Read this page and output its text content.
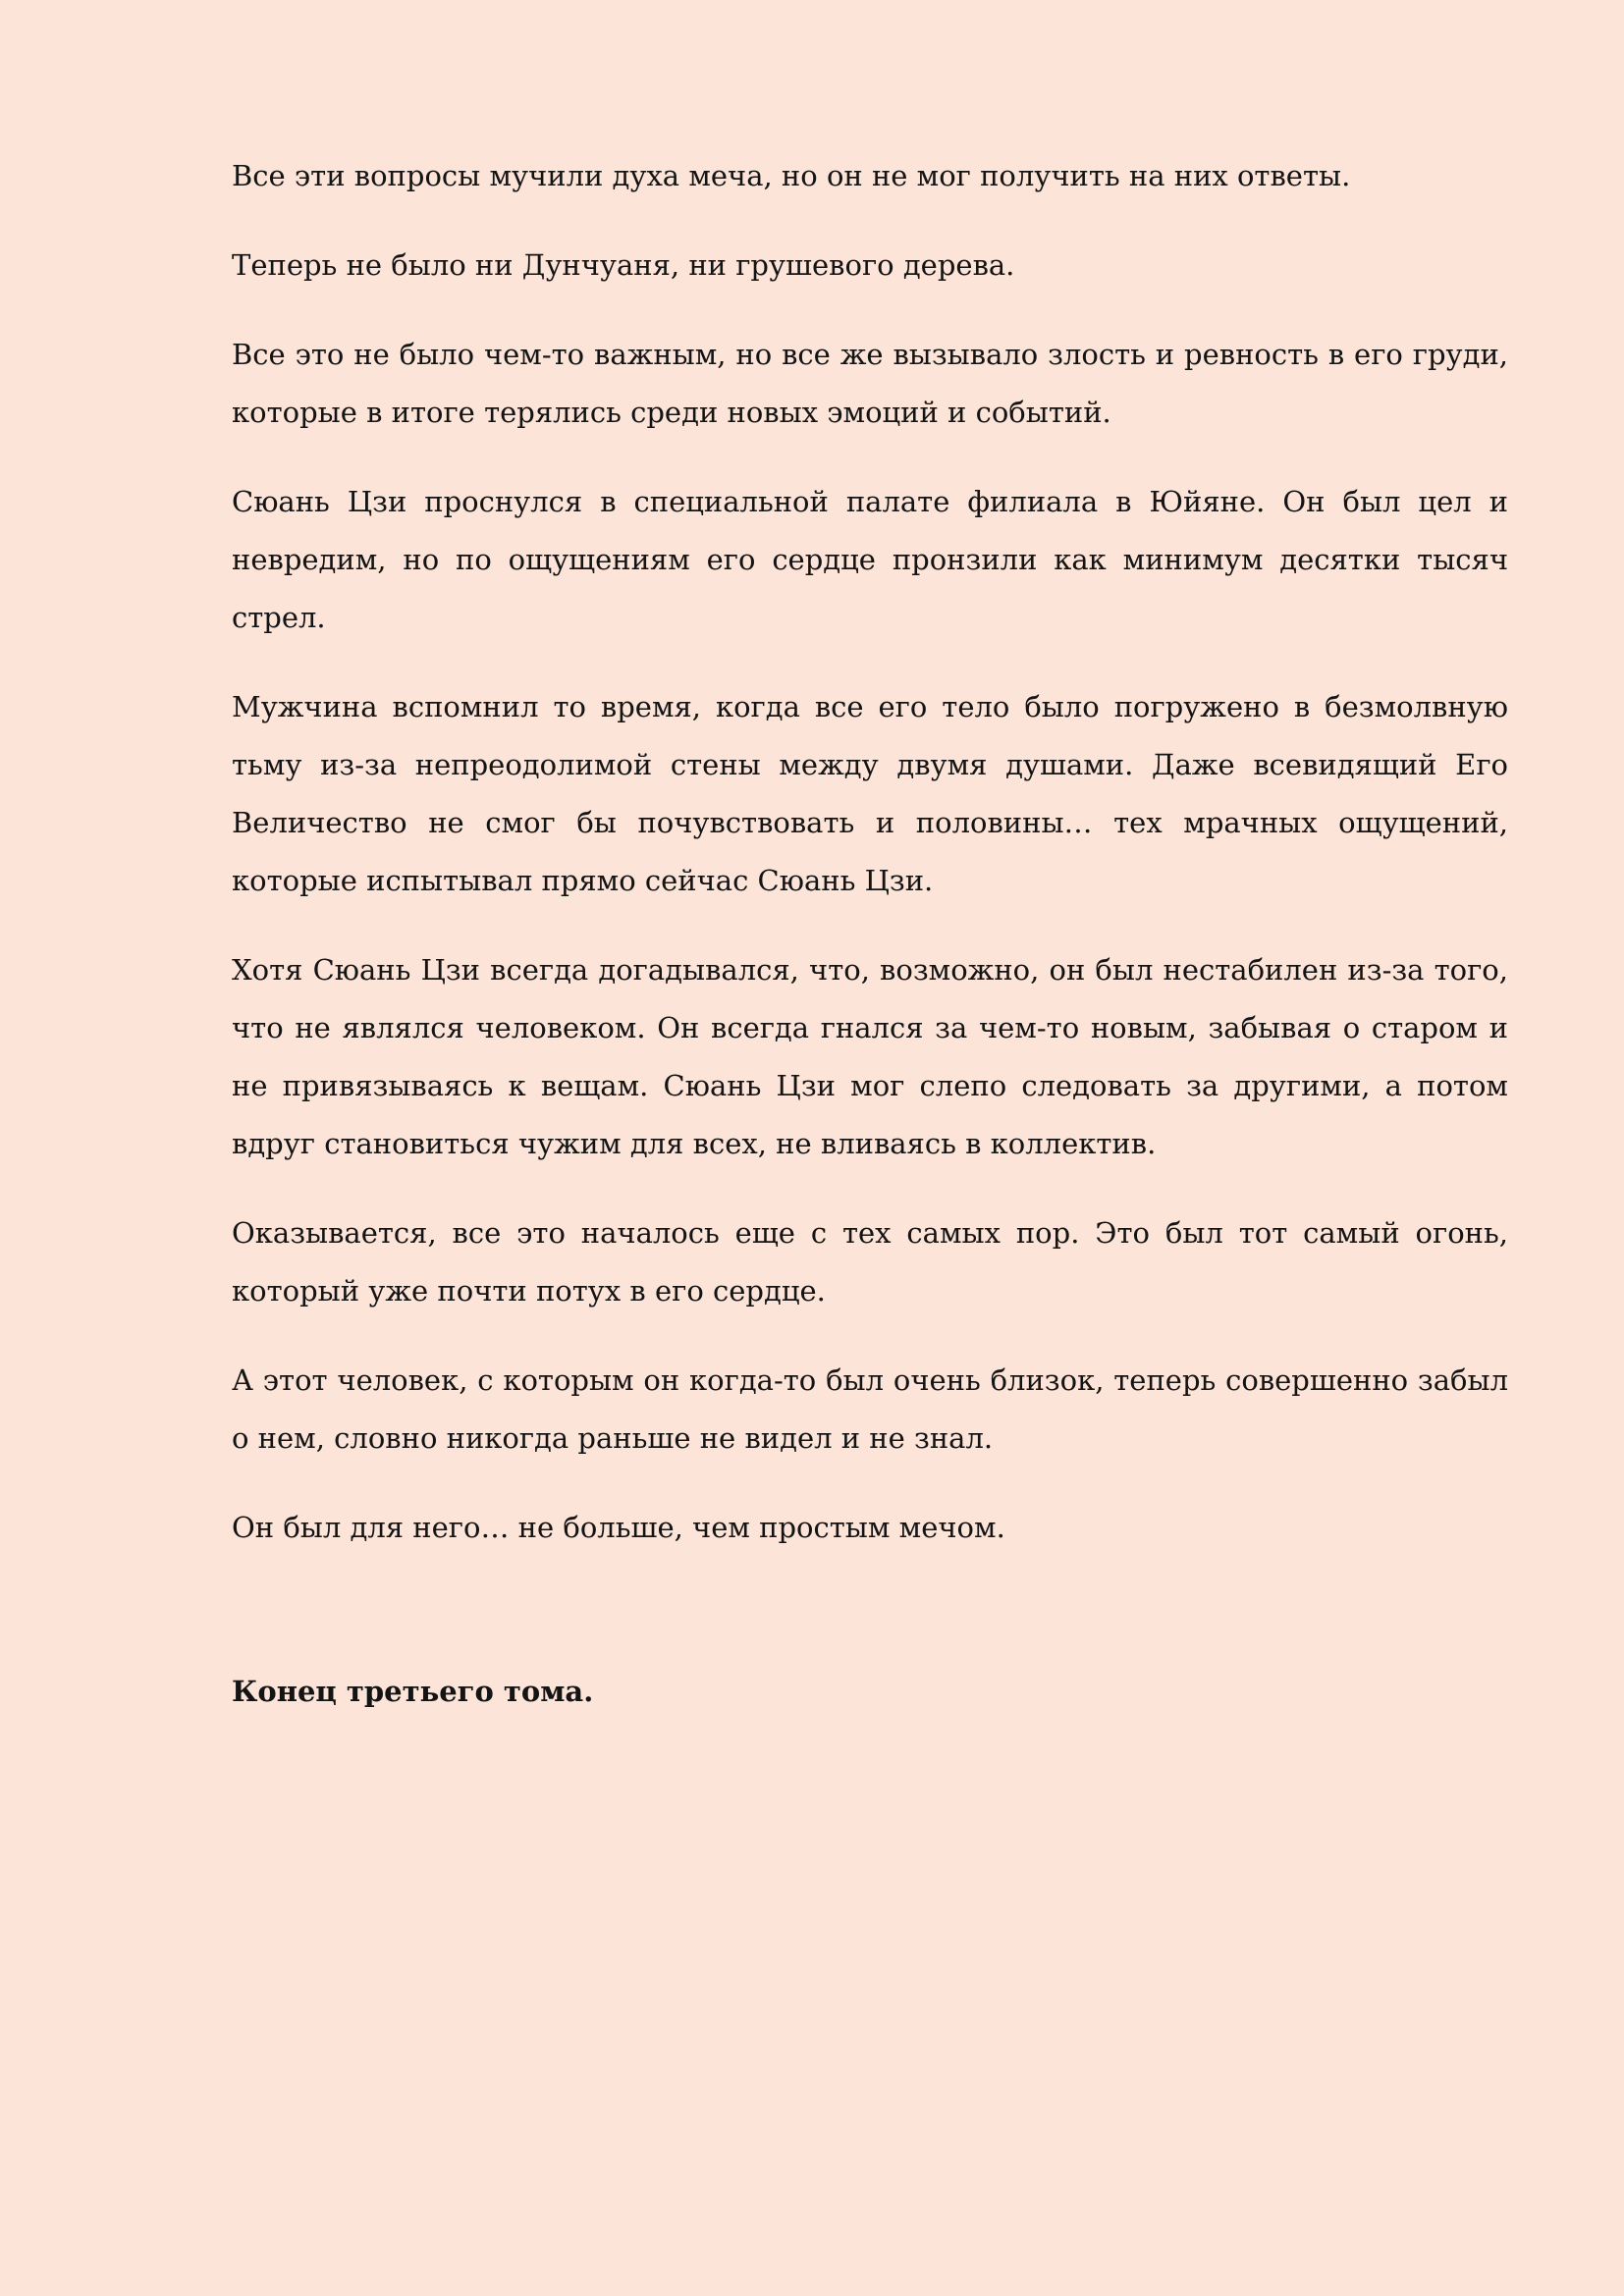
Все эти вопросы мучили духа меча, но он не мог получить на них ответы.

Теперь не было ни Дунчуаня, ни грушевого дерева.

Все это не было чем-то важным, но все же вызывало злость и ревность в его груди, которые в итоге терялись среди новых эмоций и событий.

Сюань Цзи проснулся в специальной палате филиала в Юйяне. Он был цел и невредим, но по ощущениям его сердце пронзили как минимум десятки тысяч стрел.

Мужчина вспомнил то время, когда все его тело было погружено в безмолвную тьму из-за непреодолимой стены между двумя душами. Даже всевидящий Его Величество не смог бы почувствовать и половины… тех мрачных ощущений, которые испытывал прямо сейчас Сюань Цзи.

Хотя Сюань Цзи всегда догадывался, что, возможно, он был нестабилен из-за того, что не являлся человеком. Он всегда гнался за чем-то новым, забывая о старом и не привязываясь к вещам. Сюань Цзи мог слепо следовать за другими, а потом вдруг становиться чужим для всех, не вливаясь в коллектив.

Оказывается, все это началось еще с тех самых пор. Это был тот самый огонь, который уже почти потух в его сердце.

А этот человек, с которым он когда-то был очень близок, теперь совершенно забыл о нем, словно никогда раньше не видел и не знал.

Он был для него… не больше, чем простым мечом.

Конец третьего тома.
